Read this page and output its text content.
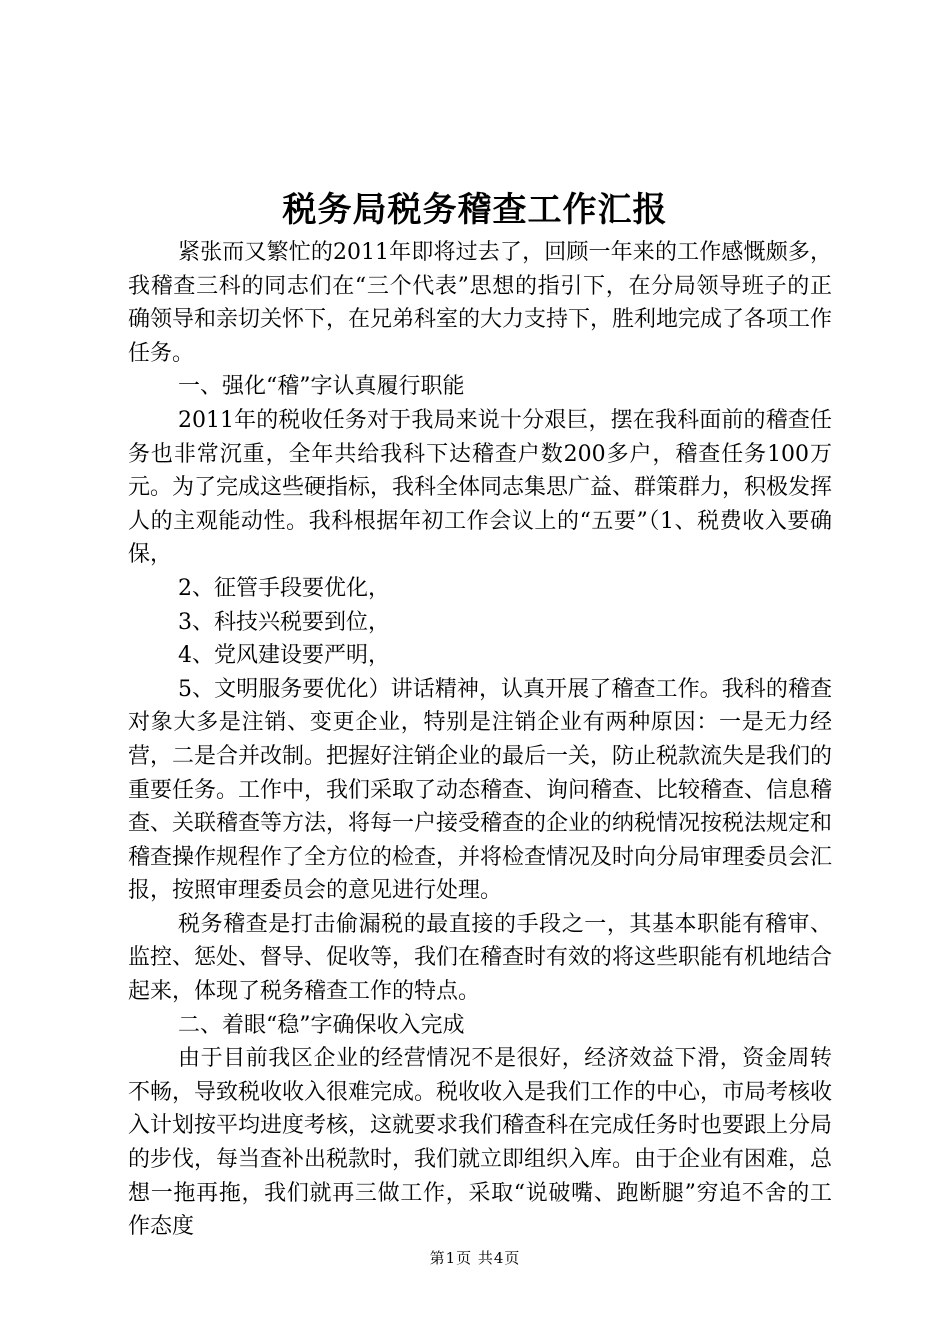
税务局税务稽查工作汇报

紧张而又繁忙的2011年即将过去了，回顾一年来的工作感慨颇多，我稽查三科的同志们在“三个代表”思想的指引下，在分局领导班子的正确领导和亲切关怀下，在兄弟科室的大力支持下，胜利地完成了各项工作任务。

一、强化“稽”字认真履行职能

2011年的税收任务对于我局来说十分艰巨，摆在我科面前的稽查任务也非常沉重，全年共给我科下达稽查户数200多户，稽查任务100万元。为了完成这些硬指标，我科全体同志集思广益、群策群力，积极发挥人的主观能动性。我科根据年初工作会议上的“五要”（1、税费收入要确保，

2、征管手段要优化，

3、科技兴税要到位，

4、党风建设要严明，

5、文明服务要优化）讲话精神，认真开展了稽查工作。我科的稽查对象大多是注销、变更企业，特别是注销企业有两种原因：一是无力经营，二是合并改制。把握好注销企业的最后一关，防止税款流失是我们的重要任务。工作中，我们采取了动态稽查、询问稽查、比较稽查、信息稽查、关联稽查等方法，将每一户接受稽查的企业的纳税情况按税法规定和稽查操作规程作了全方位的检查，并将检查情况及时向分局审理委员会汇报，按照审理委员会的意见进行处理。

税务稽查是打击偷漏税的最直接的手段之一，其基本职能有稽审、监控、惩处、督导、促收等，我们在稽查时有效的将这些职能有机地结合起来，体现了税务稽查工作的特点。

二、着眼“稳”字确保收入完成

由于目前我区企业的经营情况不是很好，经济效益下滑，资金周转不畅，导致税收收入很难完成。税收收入是我们工作的中心，市局考核收入计划按平均进度考核，这就要求我们稽查科在完成任务时也要跟上分局的步伐，每当查补出税款时，我们就立即组织入库。由于企业有困难，总想一拖再拖，我们就再三做工作，采取“说破嘴、跑断腿”穷追不舍的工作态度

第1页 共4页
